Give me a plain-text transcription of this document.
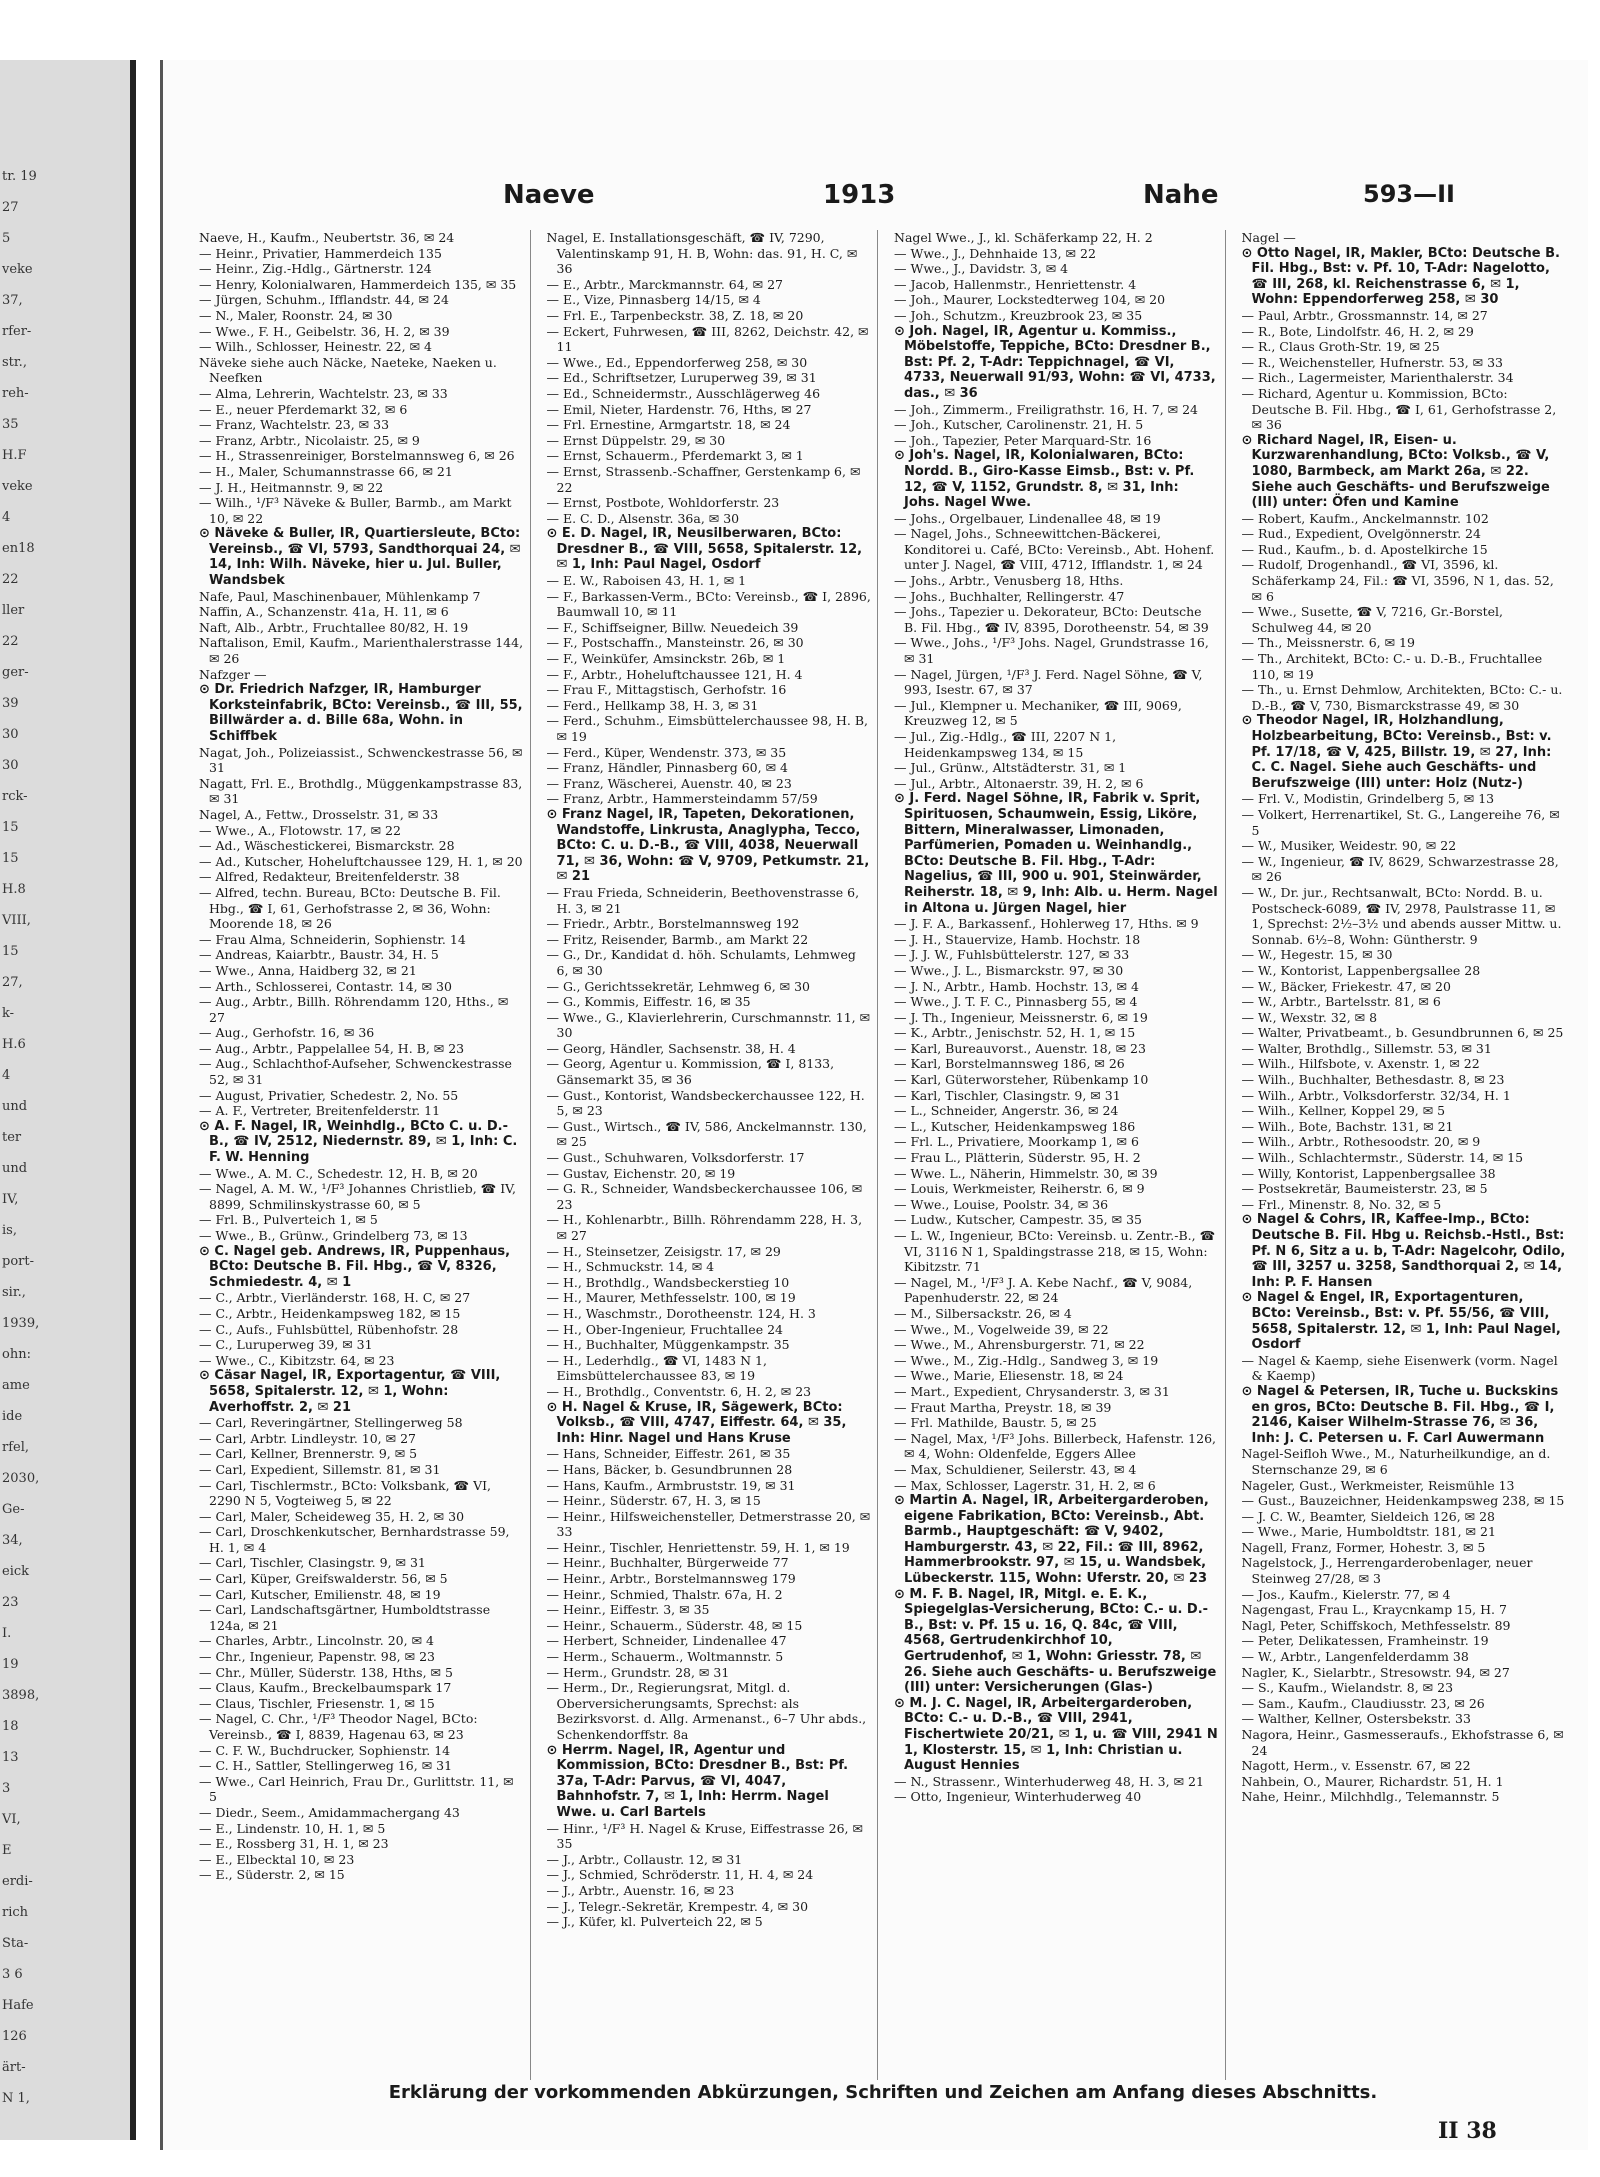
tr. 19
27
5
veke
37,
rfer-
str.,
reh-
35
H.F
veke
4
en18
22
ller
22
ger-
39
30
30
rck-
15
15
H.8
VIII,
15
27,
k-
H.6
4
und
ter
und
IV,
is,
port-
sir.,
1939,
ohn:
ame
ide
rfel,
2030,
Ge-
34,
eick
23
I.
19
3898,
18
13
3
VI,
E
erdi-
rich
Sta-
3 6
Hafe
126
ärt-
N 1,
Naeve	1913	Nahe	593—II

Naeve, H., Kaufm., Neubertstr. 36, ✉ 24

— Heinr., Privatier, Hammerdeich 135

— Heinr., Zig.-Hdlg., Gärtnerstr. 124

— Henry, Kolonialwaren, Hammerdeich 135, ✉ 35

— Jürgen, Schuhm., Ifflandstr. 44, ✉ 24

— N., Maler, Roonstr. 24, ✉ 30

— Wwe., F. H., Geibelstr. 36, H. 2, ✉ 39

— Wilh., Schlosser, Heinestr. 22, ✉ 4

Näveke siehe auch Näcke, Naeteke, Naeken u. Neefken

— Alma, Lehrerin, Wachtelstr. 23, ✉ 33

— E., neuer Pferdemarkt 32, ✉ 6

— Franz, Wachtelstr. 23, ✉ 33

— Franz, Arbtr., Nicolaistr. 25, ✉ 9

— H., Strassenreiniger, Borstelmannsweg 6, ✉ 26

— H., Maler, Schumannstrasse 66, ✉ 21

— J. H., Heitmannstr. 9, ✉ 22

— Wilh., ¹/F³ Näveke & Buller, Barmb., am Markt 10, ✉ 22

⊙ Näveke & Buller, IR, Quartiersleute, BCto: Vereinsb., ☎ VI, 5793, Sandthorquai 24, ✉ 14, Inh: Wilh. Näveke, hier u. Jul. Buller, Wandsbek

Nafe, Paul, Maschinenbauer, Mühlenkamp 7

Naffin, A., Schanzenstr. 41a, H. 11, ✉ 6

Naft, Alb., Arbtr., Fruchtallee 80/82, H. 19

Naftalison, Emil, Kaufm., Marienthalerstrasse 144, ✉ 26

Nafzger —

⊙ Dr. Friedrich Nafzger, IR, Hamburger Korksteinfabrik, BCto: Vereinsb., ☎ III, 55, Billwärder a. d. Bille 68a, Wohn. in Schiffbek

Nagat, Joh., Polizeiassist., Schwenckestrasse 56, ✉ 31

Nagatt, Frl. E., Brothdlg., Müggenkampstrasse 83, ✉ 31

Nagel, A., Fettw., Drosselstr. 31, ✉ 33

— Wwe., A., Flotowstr. 17, ✉ 22

— Ad., Wäschestickerei, Bismarckstr. 28

— Ad., Kutscher, Hoheluftchaussee 129, H. 1, ✉ 20

— Alfred, Redakteur, Breitenfelderstr. 38

— Alfred, techn. Bureau, BCto: Deutsche B. Fil. Hbg., ☎ I, 61, Gerhofstrasse 2, ✉ 36, Wohn: Moorende 18, ✉ 26

— Frau Alma, Schneiderin, Sophienstr. 14

— Andreas, Kaiarbtr., Baustr. 34, H. 5

— Wwe., Anna, Haidberg 32, ✉ 21

— Arth., Schlosserei, Contastr. 14, ✉ 30

— Aug., Arbtr., Billh. Röhrendamm 120, Hths., ✉ 27

— Aug., Gerhofstr. 16, ✉ 36

— Aug., Arbtr., Pappelallee 54, H. B, ✉ 23

— Aug., Schlachthof-Aufseher, Schwenckestrasse 52, ✉ 31

— August, Privatier, Schedestr. 2, No. 55

— A. F., Vertreter, Breitenfelderstr. 11

⊙ A. F. Nagel, IR, Weinhdlg., BCto C. u. D.-B., ☎ IV, 2512, Niedernstr. 89, ✉ 1, Inh: C. F. W. Henning

— Wwe., A. M. C., Schedestr. 12, H. B, ✉ 20

— Nagel, A. M. W., ¹/F³ Johannes Christlieb, ☎ IV, 8899, Schmilinskystrasse 60, ✉ 5

— Frl. B., Pulverteich 1, ✉ 5

— Wwe., B., Grünw., Grindelberg 73, ✉ 13

⊙ C. Nagel geb. Andrews, IR, Puppenhaus, BCto: Deutsche B. Fil. Hbg., ☎ V, 8326, Schmiedestr. 4, ✉ 1

— C., Arbtr., Vierländerstr. 168, H. C, ✉ 27

— C., Arbtr., Heidenkampsweg 182, ✉ 15

— C., Aufs., Fuhlsbüttel, Rübenhofstr. 28

— C., Luruperweg 39, ✉ 31

— Wwe., C., Kibitzstr. 64, ✉ 23

⊙ Cäsar Nagel, IR, Exportagentur, ☎ VIII, 5658, Spitalerstr. 12, ✉ 1, Wohn: Averhoffstr. 2, ✉ 21

— Carl, Reveringärtner, Stellingerweg 58

— Carl, Arbtr. Lindleystr. 10, ✉ 27

— Carl, Kellner, Brennerstr. 9, ✉ 5

— Carl, Expedient, Sillemstr. 81, ✉ 31

— Carl, Tischlermstr., BCto: Volksbank, ☎ VI, 2290 N 5, Vogteiweg 5, ✉ 22

— Carl, Maler, Scheideweg 35, H. 2, ✉ 30

— Carl, Droschkenkutscher, Bernhardstrasse 59, H. 1, ✉ 4

— Carl, Tischler, Clasingstr. 9, ✉ 31

— Carl, Küper, Greifswalderstr. 56, ✉ 5

— Carl, Kutscher, Emilienstr. 48, ✉ 19

— Carl, Landschaftsgärtner, Humboldtstrasse 124a, ✉ 21

— Charles, Arbtr., Lincolnstr. 20, ✉ 4

— Chr., Ingenieur, Papenstr. 98, ✉ 23

— Chr., Müller, Süderstr. 138, Hths, ✉ 5

— Claus, Kaufm., Breckelbaumspark 17

— Claus, Tischler, Friesenstr. 1, ✉ 15

— Nagel, C. Chr., ¹/F³ Theodor Nagel, BCto: Vereinsb., ☎ I, 8839, Hagenau 63, ✉ 23

— C. F. W., Buchdrucker, Sophienstr. 14

— C. H., Sattler, Stellingerweg 16, ✉ 31

— Wwe., Carl Heinrich, Frau Dr., Gurlittstr. 11, ✉ 5

— Diedr., Seem., Amidammachergang 43

— E., Lindenstr. 10, H. 1, ✉ 5

— E., Rossberg 31, H. 1, ✉ 23

— E., Elbecktal 10, ✉ 23

— E., Süderstr. 2, ✉ 15

Nagel, E. Installationsgeschäft, ☎ IV, 7290, Valentinskamp 91, H. B, Wohn: das. 91, H. C, ✉ 36

— E., Arbtr., Marckmannstr. 64, ✉ 27

— E., Vize, Pinnasberg 14/15, ✉ 4

— Frl. E., Tarpenbeckstr. 38, Z. 18, ✉ 20

— Eckert, Fuhrwesen, ☎ III, 8262, Deichstr. 42, ✉ 11

— Wwe., Ed., Eppendorferweg 258, ✉ 30

— Ed., Schriftsetzer, Luruperweg 39, ✉ 31

— Ed., Schneidermstr., Ausschlägerweg 46

— Emil, Nieter, Hardenstr. 76, Hths, ✉ 27

— Frl. Ernestine, Armgartstr. 18, ✉ 24

— Ernst Düppelstr. 29, ✉ 30

— Ernst, Schauerm., Pferdemarkt 3, ✉ 1

— Ernst, Strassenb.-Schaffner, Gerstenkamp 6, ✉ 22

— Ernst, Postbote, Wohldorferstr. 23

— E. C. D., Alsenstr. 36a, ✉ 30

⊙ E. D. Nagel, IR, Neusilberwaren, BCto: Dresdner B., ☎ VIII, 5658, Spitalerstr. 12, ✉ 1, Inh: Paul Nagel, Osdorf

— E. W., Raboisen 43, H. 1, ✉ 1

— F., Barkassen-Verm., BCto: Vereinsb., ☎ I, 2896, Baumwall 10, ✉ 11

— F., Schiffseigner, Billw. Neuedeich 39

— F., Postschaffn., Mansteinstr. 26, ✉ 30

— F., Weinküfer, Amsinckstr. 26b, ✉ 1

— F., Arbtr., Hoheluftchaussee 121, H. 4

— Frau F., Mittagstisch, Gerhofstr. 16

— Ferd., Hellkamp 38, H. 3, ✉ 31

— Ferd., Schuhm., Eimsbüttelerchaussee 98, H. B, ✉ 19

— Ferd., Küper, Wendenstr. 373, ✉ 35

— Franz, Händler, Pinnasberg 60, ✉ 4

— Franz, Wäscherei, Auenstr. 40, ✉ 23

— Franz, Arbtr., Hammersteindamm 57/59

⊙ Franz Nagel, IR, Tapeten, Dekorationen, Wandstoffe, Linkrusta, Anaglypha, Tecco, BCto: C. u. D.-B., ☎ VIII, 4038, Neuerwall 71, ✉ 36, Wohn: ☎ V, 9709, Petkumstr. 21, ✉ 21

— Frau Frieda, Schneiderin, Beethovenstrasse 6, H. 3, ✉ 21

— Friedr., Arbtr., Borstelmannsweg 192

— Fritz, Reisender, Barmb., am Markt 22

— G., Dr., Kandidat d. höh. Schulamts, Lehmweg 6, ✉ 30

— G., Gerichtssekretär, Lehmweg 6, ✉ 30

— G., Kommis, Eiffestr. 16, ✉ 35

— Wwe., G., Klavierlehrerin, Curschmannstr. 11, ✉ 30

— Georg, Händler, Sachsenstr. 38, H. 4

— Georg, Agentur u. Kommission, ☎ I, 8133, Gänsemarkt 35, ✉ 36

— Gust., Kontorist, Wandsbeckerchaussee 122, H. 5, ✉ 23

— Gust., Wirtsch., ☎ IV, 586, Anckelmannstr. 130, ✉ 25

— Gust., Schuhwaren, Volksdorferstr. 17

— Gustav, Eichenstr. 20, ✉ 19

— G. R., Schneider, Wandsbeckerchaussee 106, ✉ 23

— H., Kohlenarbtr., Billh. Röhrendamm 228, H. 3, ✉ 27

— H., Steinsetzer, Zeisigstr. 17, ✉ 29

— H., Schmuckstr. 14, ✉ 4

— H., Brothdlg., Wandsbeckerstieg 10

— H., Maurer, Methfesselstr. 100, ✉ 19

— H., Waschmstr., Dorotheenstr. 124, H. 3

— H., Ober-Ingenieur, Fruchtallee 24

— H., Buchhalter, Müggenkampstr. 35

— H., Lederhdlg., ☎ VI, 1483 N 1, Eimsbüttelerchaussee 83, ✉ 19

— H., Brothdlg., Conventstr. 6, H. 2, ✉ 23

⊙ H. Nagel & Kruse, IR, Sägewerk, BCto: Volksb., ☎ VIII, 4747, Eiffestr. 64, ✉ 35, Inh: Hinr. Nagel und Hans Kruse

— Hans, Schneider, Eiffestr. 261, ✉ 35

— Hans, Bäcker, b. Gesundbrunnen 28

— Hans, Kaufm., Armbruststr. 19, ✉ 31

— Heinr., Süderstr. 67, H. 3, ✉ 15

— Heinr., Hilfsweichensteller, Detmerstrasse 20, ✉ 33

— Heinr., Tischler, Henriettenstr. 59, H. 1, ✉ 19

— Heinr., Buchhalter, Bürgerweide 77

— Heinr., Arbtr., Borstelmannsweg 179

— Heinr., Schmied, Thalstr. 67a, H. 2

— Heinr., Eiffestr. 3, ✉ 35

— Heinr., Schauerm., Süderstr. 48, ✉ 15

— Herbert, Schneider, Lindenallee 47

— Herm., Schauerm., Woltmannstr. 5

— Herm., Grundstr. 28, ✉ 31

— Herm., Dr., Regierungsrat, Mitgl. d. Oberversicherungsamts, Sprechst: als Bezirksvorst. d. Allg. Armenanst., 6–7 Uhr abds., Schenkendorffstr. 8a

⊙ Herrm. Nagel, IR, Agentur und Kommission, BCto: Dresdner B., Bst: Pf. 37a, T-Adr: Parvus, ☎ VI, 4047, Bahnhofstr. 7, ✉ 1, Inh: Herrm. Nagel Wwe. u. Carl Bartels

— Hinr., ¹/F³ H. Nagel & Kruse, Eiffestrasse 26, ✉ 35

— J., Arbtr., Collaustr. 12, ✉ 31

— J., Schmied, Schröderstr. 11, H. 4, ✉ 24

— J., Arbtr., Auenstr. 16, ✉ 23

— J., Telegr.-Sekretär, Krempestr. 4, ✉ 30

— J., Küfer, kl. Pulverteich 22, ✉ 5

Nagel Wwe., J., kl. Schäferkamp 22, H. 2

— Wwe., J., Dehnhaide 13, ✉ 22

— Wwe., J., Davidstr. 3, ✉ 4

— Jacob, Hallenmstr., Henriettenstr. 4

— Joh., Maurer, Lockstedterweg 104, ✉ 20

— Joh., Schutzm., Kreuzbrook 23, ✉ 35

⊙ Joh. Nagel, IR, Agentur u. Kommiss., Möbelstoffe, Teppiche, BCto: Dresdner B., Bst: Pf. 2, T-Adr: Teppichnagel, ☎ VI, 4733, Neuerwall 91/93, Wohn: ☎ VI, 4733, das., ✉ 36

— Joh., Zimmerm., Freiligrathstr. 16, H. 7, ✉ 24

— Joh., Kutscher, Carolinenstr. 21, H. 5

— Joh., Tapezier, Peter Marquard-Str. 16

⊙ Joh's. Nagel, IR, Kolonialwaren, BCto: Nordd. B., Giro-Kasse Eimsb., Bst: v. Pf. 12, ☎ V, 1152, Grundstr. 8, ✉ 31, Inh: Johs. Nagel Wwe.

— Johs., Orgelbauer, Lindenallee 48, ✉ 19

— Nagel, Johs., Schneewittchen-Bäckerei, Konditorei u. Café, BCto: Vereinsb., Abt. Hohenf. unter J. Nagel, ☎ VIII, 4712, Ifflandstr. 1, ✉ 24

— Johs., Arbtr., Venusberg 18, Hths.

— Johs., Buchhalter, Rellingerstr. 47

— Johs., Tapezier u. Dekorateur, BCto: Deutsche B. Fil. Hbg., ☎ IV, 8395, Dorotheenstr. 54, ✉ 39

— Wwe., Johs., ¹/F³ Johs. Nagel, Grundstrasse 16, ✉ 31

— Nagel, Jürgen, ¹/F³ J. Ferd. Nagel Söhne, ☎ V, 993, Isestr. 67, ✉ 37

— Jul., Klempner u. Mechaniker, ☎ III, 9069, Kreuzweg 12, ✉ 5

— Jul., Zig.-Hdlg., ☎ III, 2207 N 1, Heidenkampsweg 134, ✉ 15

— Jul., Grünw., Altstädterstr. 31, ✉ 1

— Jul., Arbtr., Altonaerstr. 39, H. 2, ✉ 6

⊙ J. Ferd. Nagel Söhne, IR, Fabrik v. Sprit, Spirituosen, Schaumwein, Essig, Liköre, Bittern, Mineralwasser, Limonaden, Parfümerien, Pomaden u. Weinhandlg., BCto: Deutsche B. Fil. Hbg., T-Adr: Nagelius, ☎ III, 900 u. 901, Steinwärder, Reiherstr. 18, ✉ 9, Inh: Alb. u. Herm. Nagel in Altona u. Jürgen Nagel, hier

— J. F. A., Barkassenf., Hohlerweg 17, Hths. ✉ 9

— J. H., Stauervize, Hamb. Hochstr. 18

— J. J. W., Fuhlsbüttelerstr. 127, ✉ 33

— Wwe., J. L., Bismarckstr. 97, ✉ 30

— J. N., Arbtr., Hamb. Hochstr. 13, ✉ 4

— Wwe., J. T. F. C., Pinnasberg 55, ✉ 4

— J. Th., Ingenieur, Meissnerstr. 6, ✉ 19

— K., Arbtr., Jenischstr. 52, H. 1, ✉ 15

— Karl, Bureauvorst., Auenstr. 18, ✉ 23

— Karl, Borstelmannsweg 186, ✉ 26

— Karl, Güterworsteher, Rübenkamp 10

— Karl, Tischler, Clasingstr. 9, ✉ 31

— L., Schneider, Angerstr. 36, ✉ 24

— L., Kutscher, Heidenkampsweg 186

— Frl. L., Privatiere, Moorkamp 1, ✉ 6

— Frau L., Plätterin, Süderstr. 95, H. 2

— Wwe. L., Näherin, Himmelstr. 30, ✉ 39

— Louis, Werkmeister, Reiherstr. 6, ✉ 9

— Wwe., Louise, Poolstr. 34, ✉ 36

— Ludw., Kutscher, Campestr. 35, ✉ 35

— L. W., Ingenieur, BCto: Vereinsb. u. Zentr.-B., ☎ VI, 3116 N 1, Spaldingstrasse 218, ✉ 15, Wohn: Kibitzstr. 71

— Nagel, M., ¹/F³ J. A. Kebe Nachf., ☎ V, 9084, Papenhuderstr. 22, ✉ 24

— M., Silbersackstr. 26, ✉ 4

— Wwe., M., Vogelweide 39, ✉ 22

— Wwe., M., Ahrensburgerstr. 71, ✉ 22

— Wwe., M., Zig.-Hdlg., Sandweg 3, ✉ 19

— Wwe., Marie, Eliesenstr. 18, ✉ 24

— Mart., Expedient, Chrysanderstr. 3, ✉ 31

— Fraut Martha, Preystr. 18, ✉ 39

— Frl. Mathilde, Baustr. 5, ✉ 25

— Nagel, Max, ¹/F³ Johs. Billerbeck, Hafenstr. 126, ✉ 4, Wohn: Oldenfelde, Eggers Allee

— Max, Schuldiener, Seilerstr. 43, ✉ 4

— Max, Schlosser, Lagerstr. 31, H. 2, ✉ 6

⊙ Martin A. Nagel, IR, Arbeitergarderoben, eigene Fabrikation, BCto: Vereinsb., Abt. Barmb., Hauptgeschäft: ☎ V, 9402, Hamburgerstr. 43, ✉ 22, Fil.: ☎ III, 8962, Hammerbrookstr. 97, ✉ 15, u. Wandsbek, Lübeckerstr. 115, Wohn: Uferstr. 20, ✉ 23

⊙ M. F. B. Nagel, IR, Mitgl. e. E. K., Spiegelglas-Versicherung, BCto: C.- u. D.-B., Bst: v. Pf. 15 u. 16, Q. 84c, ☎ VIII, 4568, Gertrudenkirchhof 10, Gertrudenhof, ✉ 1, Wohn: Griesstr. 78, ✉ 26. Siehe auch Geschäfts- u. Berufszweige (III) unter: Versicherungen (Glas-)

⊙ M. J. C. Nagel, IR, Arbeitergarderoben, BCto: C.- u. D.-B., ☎ VIII, 2941, Fischertwiete 20/21, ✉ 1, u. ☎ VIII, 2941 N 1, Klosterstr. 15, ✉ 1, Inh: Christian u. August Hennies

— N., Strassenr., Winterhuderweg 48, H. 3, ✉ 21

— Otto, Ingenieur, Winterhuderweg 40

Nagel —

⊙ Otto Nagel, IR, Makler, BCto: Deutsche B. Fil. Hbg., Bst: v. Pf. 10, T-Adr: Nagelotto, ☎ III, 268, kl. Reichenstrasse 6, ✉ 1, Wohn: Eppendorferweg 258, ✉ 30

— Paul, Arbtr., Grossmannstr. 14, ✉ 27

— R., Bote, Lindolfstr. 46, H. 2, ✉ 29

— R., Claus Groth-Str. 19, ✉ 25

— R., Weichensteller, Hufnerstr. 53, ✉ 33

— Rich., Lagermeister, Marienthalerstr. 34

— Richard, Agentur u. Kommission, BCto: Deutsche B. Fil. Hbg., ☎ I, 61, Gerhofstrasse 2, ✉ 36

⊙ Richard Nagel, IR, Eisen- u. Kurzwarenhandlung, BCto: Volksb., ☎ V, 1080, Barmbeck, am Markt 26a, ✉ 22. Siehe auch Geschäfts- und Berufszweige (III) unter: Öfen und Kamine

— Robert, Kaufm., Anckelmannstr. 102

— Rud., Expedient, Ovelgönnerstr. 24

— Rud., Kaufm., b. d. Apostelkirche 15

— Rudolf, Drogenhandl., ☎ VI, 3596, kl. Schäferkamp 24, Fil.: ☎ VI, 3596, N 1, das. 52, ✉ 6

— Wwe., Susette, ☎ V, 7216, Gr.-Borstel, Schulweg 44, ✉ 20

— Th., Meissnerstr. 6, ✉ 19

— Th., Architekt, BCto: C.- u. D.-B., Fruchtallee 110, ✉ 19

— Th., u. Ernst Dehmlow, Architekten, BCto: C.- u. D.-B., ☎ V, 730, Bismarckstrasse 49, ✉ 30

⊙ Theodor Nagel, IR, Holzhandlung, Holzbearbeitung, BCto: Vereinsb., Bst: v. Pf. 17/18, ☎ V, 425, Billstr. 19, ✉ 27, Inh: C. C. Nagel. Siehe auch Geschäfts- und Berufszweige (III) unter: Holz (Nutz-)

— Frl. V., Modistin, Grindelberg 5, ✉ 13

— Volkert, Herrenartikel, St. G., Langereihe 76, ✉ 5

— W., Musiker, Weidestr. 90, ✉ 22

— W., Ingenieur, ☎ IV, 8629, Schwarzestrasse 28, ✉ 26

— W., Dr. jur., Rechtsanwalt, BCto: Nordd. B. u. Postscheck-6089, ☎ IV, 2978, Paulstrasse 11, ✉ 1, Sprechst: 2½–3½ und abends ausser Mittw. u. Sonnab. 6½–8, Wohn: Güntherstr. 9

— W., Hegestr. 15, ✉ 30

— W., Kontorist, Lappenbergsallee 28

— W., Bäcker, Friekestr. 47, ✉ 20

— W., Arbtr., Bartelsstr. 81, ✉ 6

— W., Wexstr. 32, ✉ 8

— Walter, Privatbeamt., b. Gesundbrunnen 6, ✉ 25

— Walter, Brothdlg., Sillemstr. 53, ✉ 31

— Wilh., Hilfsbote, v. Axenstr. 1, ✉ 22

— Wilh., Buchhalter, Bethesdastr. 8, ✉ 23

— Wilh., Arbtr., Volksdorferstr. 32/34, H. 1

— Wilh., Kellner, Koppel 29, ✉ 5

— Wilh., Bote, Bachstr. 131, ✉ 21

— Wilh., Arbtr., Rothesoodstr. 20, ✉ 9

— Wilh., Schlachtermstr., Süderstr. 14, ✉ 15

— Willy, Kontorist, Lappenbergsallee 38

— Postsekretär, Baumeisterstr. 23, ✉ 5

— Frl., Minenstr. 8, No. 32, ✉ 5

⊙ Nagel & Cohrs, IR, Kaffee-Imp., BCto: Deutsche B. Fil. Hbg u. Reichsb.-Hstl., Bst: Pf. N 6, Sitz a u. b, T-Adr: Nagelcohr, Odilo, ☎ III, 3257 u. 3258, Sandthorquai 2, ✉ 14, Inh: P. F. Hansen

⊙ Nagel & Engel, IR, Exportagenturen, BCto: Vereinsb., Bst: v. Pf. 55/56, ☎ VIII, 5658, Spitalerstr. 12, ✉ 1, Inh: Paul Nagel, Osdorf

— Nagel & Kaemp, siehe Eisenwerk (vorm. Nagel & Kaemp)

⊙ Nagel & Petersen, IR, Tuche u. Buckskins en gros, BCto: Deutsche B. Fil. Hbg., ☎ I, 2146, Kaiser Wilhelm-Strasse 76, ✉ 36, Inh: J. C. Petersen u. F. Carl Auwermann

Nagel-Seifloh Wwe., M., Naturheilkundige, an d. Sternschanze 29, ✉ 6

Nageler, Gust., Werkmeister, Reismühle 13

— Gust., Bauzeichner, Heidenkampsweg 238, ✉ 15

— J. C. W., Beamter, Sieldeich 126, ✉ 28

— Wwe., Marie, Humboldtstr. 181, ✉ 21

Nagell, Franz, Former, Hohestr. 3, ✉ 5

Nagelstock, J., Herrengarderobenlager, neuer Steinweg 27/28, ✉ 3

— Jos., Kaufm., Kielerstr. 77, ✉ 4

Nagengast, Frau L., Kraycnkamp 15, H. 7

Nagl, Peter, Schiffskoch, Methfesselstr. 89

— Peter, Delikatessen, Framheinstr. 19

— W., Arbtr., Langenfelderdamm 38

Nagler, K., Sielarbtr., Stresowstr. 94, ✉ 27

— S., Kaufm., Wielandstr. 8, ✉ 23

— Sam., Kaufm., Claudiusstr. 23, ✉ 26

— Walther, Kellner, Ostersbekstr. 33

Nagora, Heinr., Gasmesseraufs., Ekhofstrasse 6, ✉ 24

Nagott, Herm., v. Essenstr. 67, ✉ 22

Nahbein, O., Maurer, Richardstr. 51, H. 1

Nahe, Heinr., Milchhdlg., Telemannstr. 5

Erklärung der vorkommenden Abkürzungen, Schriften und Zeichen am Anfang dieses Abschnitts.
II 38
